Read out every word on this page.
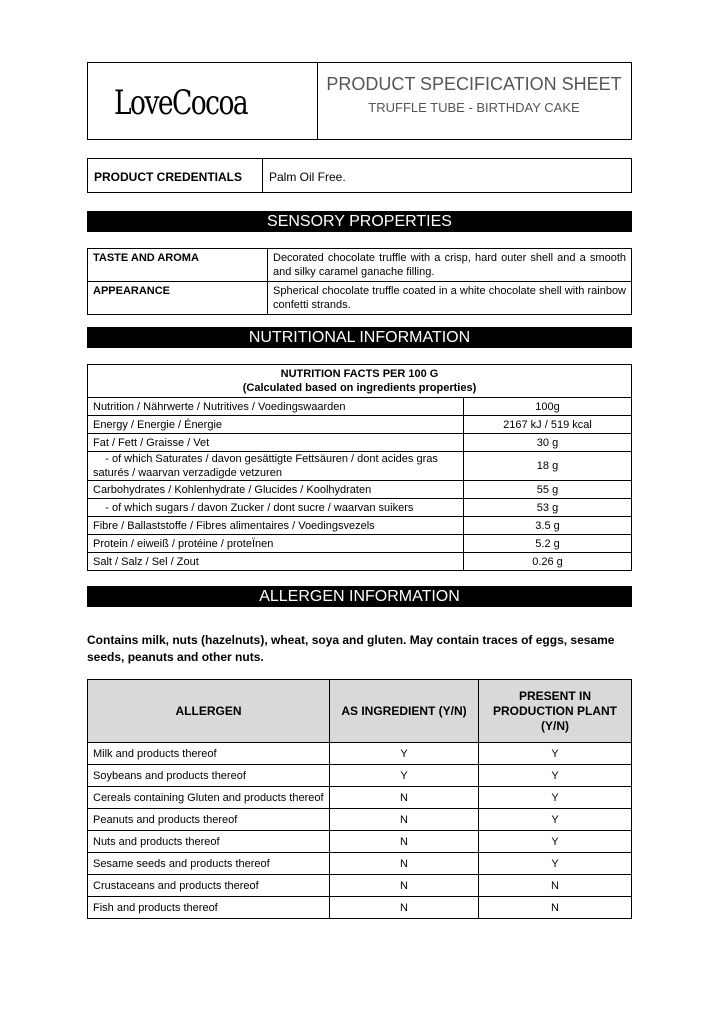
LoveCocoa	PRODUCT SPECIFICATION SHEET
TRUFFLE TUBE - BIRTHDAY CAKE
PRODUCT CREDENTIALS	Palm Oil Free.
SENSORY PROPERTIES
TASTE AND AROMA	Decorated chocolate truffle with a crisp, hard outer shell and a smooth and silky caramel ganache filling.
APPEARANCE	Spherical chocolate truffle coated in a white chocolate shell with rainbow confetti strands.
NUTRITIONAL INFORMATION
NUTRITION FACTS PER 100 G
(Calculated based on ingredients properties)	

Nutrition / Nährwerte / Nutritives / Voedingswaarden	100g
Energy / Energie / Énergie	2167 kJ / 519 kcal
Fat / Fett / Graisse / Vet	30 g
- of which Saturates / davon gesättigte Fettsäuren / dont acides gras saturés / waarvan verzadigde vetzuren	18 g
Carbohydrates / Kohlenhydrate / Glucides / Koolhydraten	55 g
- of which sugars / davon Zucker / dont sucre / waarvan suikers	53 g
Fibre / Ballaststoffe / Fibres alimentaires / Voedingsvezels	3.5 g
Protein / eiweiß / protéine / proteÏnen	5.2 g
Salt / Salz / Sel / Zout	0.26 g
ALLERGEN INFORMATION
Contains milk, nuts (hazelnuts), wheat, soya and gluten. May contain traces of eggs, sesame seeds, peanuts and other nuts.
ALLERGEN	AS INGREDIENT (Y/N)	PRESENT IN PRODUCTION PLANT (Y/N)
Milk and products thereof	Y	Y
Soybeans and products thereof	Y	Y
Cereals containing Gluten and products thereof	N	Y
Peanuts and products thereof	N	Y
Nuts and products thereof	N	Y
Sesame seeds and products thereof	N	Y
Crustaceans and products thereof	N	N
Fish and products thereof	N	N
